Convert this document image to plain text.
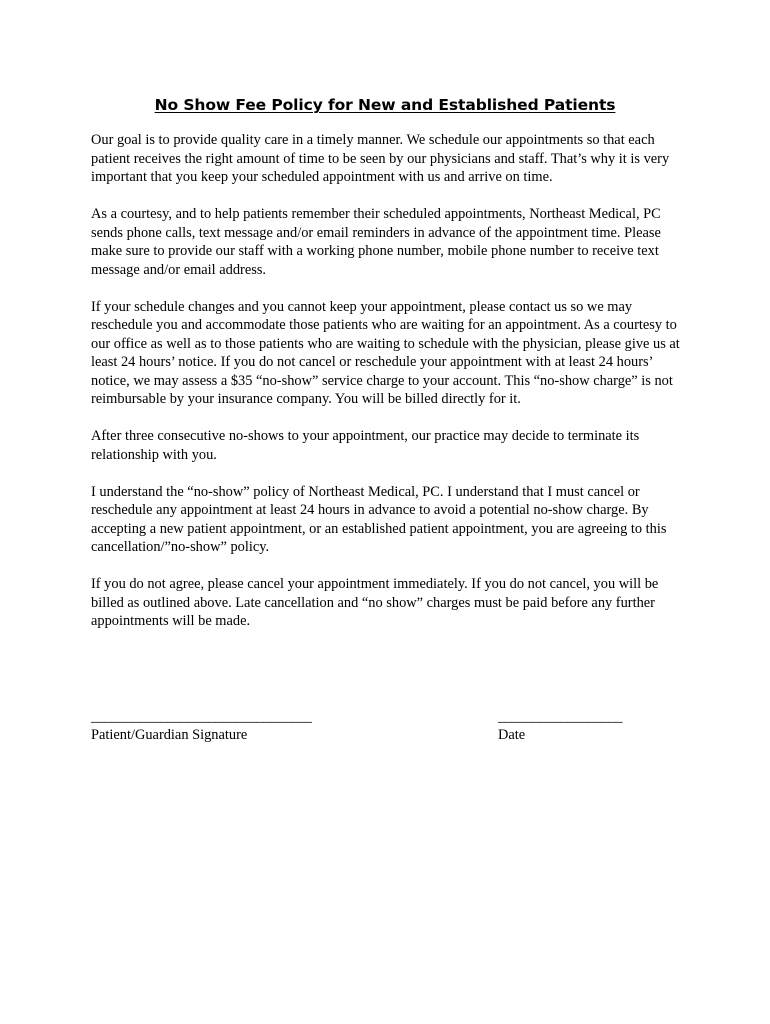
No Show Fee Policy for New and Established Patients

Our goal is to provide quality care in a timely manner. We schedule our appointments so that each patient receives the right amount of time to be seen by our physicians and staff. That’s why it is very important that you keep your scheduled appointment with us and arrive on time.

As a courtesy, and to help patients remember their scheduled appointments, Northeast Medical, PC sends phone calls, text message and/or email reminders in advance of the appointment time. Please make sure to provide our staff with a working phone number, mobile phone number to receive text message and/or email address.

If your schedule changes and you cannot keep your appointment, please contact us so we may reschedule you and accommodate those patients who are waiting for an appointment. As a courtesy to our office as well as to those patients who are waiting to schedule with the physician, please give us at least 24 hours’ notice. If you do not cancel or reschedule your appointment with at least 24 hours’ notice, we may assess a $35 “no-show” service charge to your account. This “no-show charge” is not reimbursable by your insurance company. You will be billed directly for it.

After three consecutive no-shows to your appointment, our practice may decide to terminate its relationship with you.

I understand the “no-show” policy of Northeast Medical, PC. I understand that I must cancel or reschedule any appointment at least 24 hours in advance to avoid a potential no-show charge. By accepting a new patient appointment, or an established patient appointment, you are agreeing to this cancellation/”no-show” policy.

If you do not agree, please cancel your appointment immediately. If you do not cancel, you will be billed as outlined above. Late cancellation and “no show” charges must be paid before any further appointments will be made.

________________________________
Patient/Guardian Signature
__________________
Date
